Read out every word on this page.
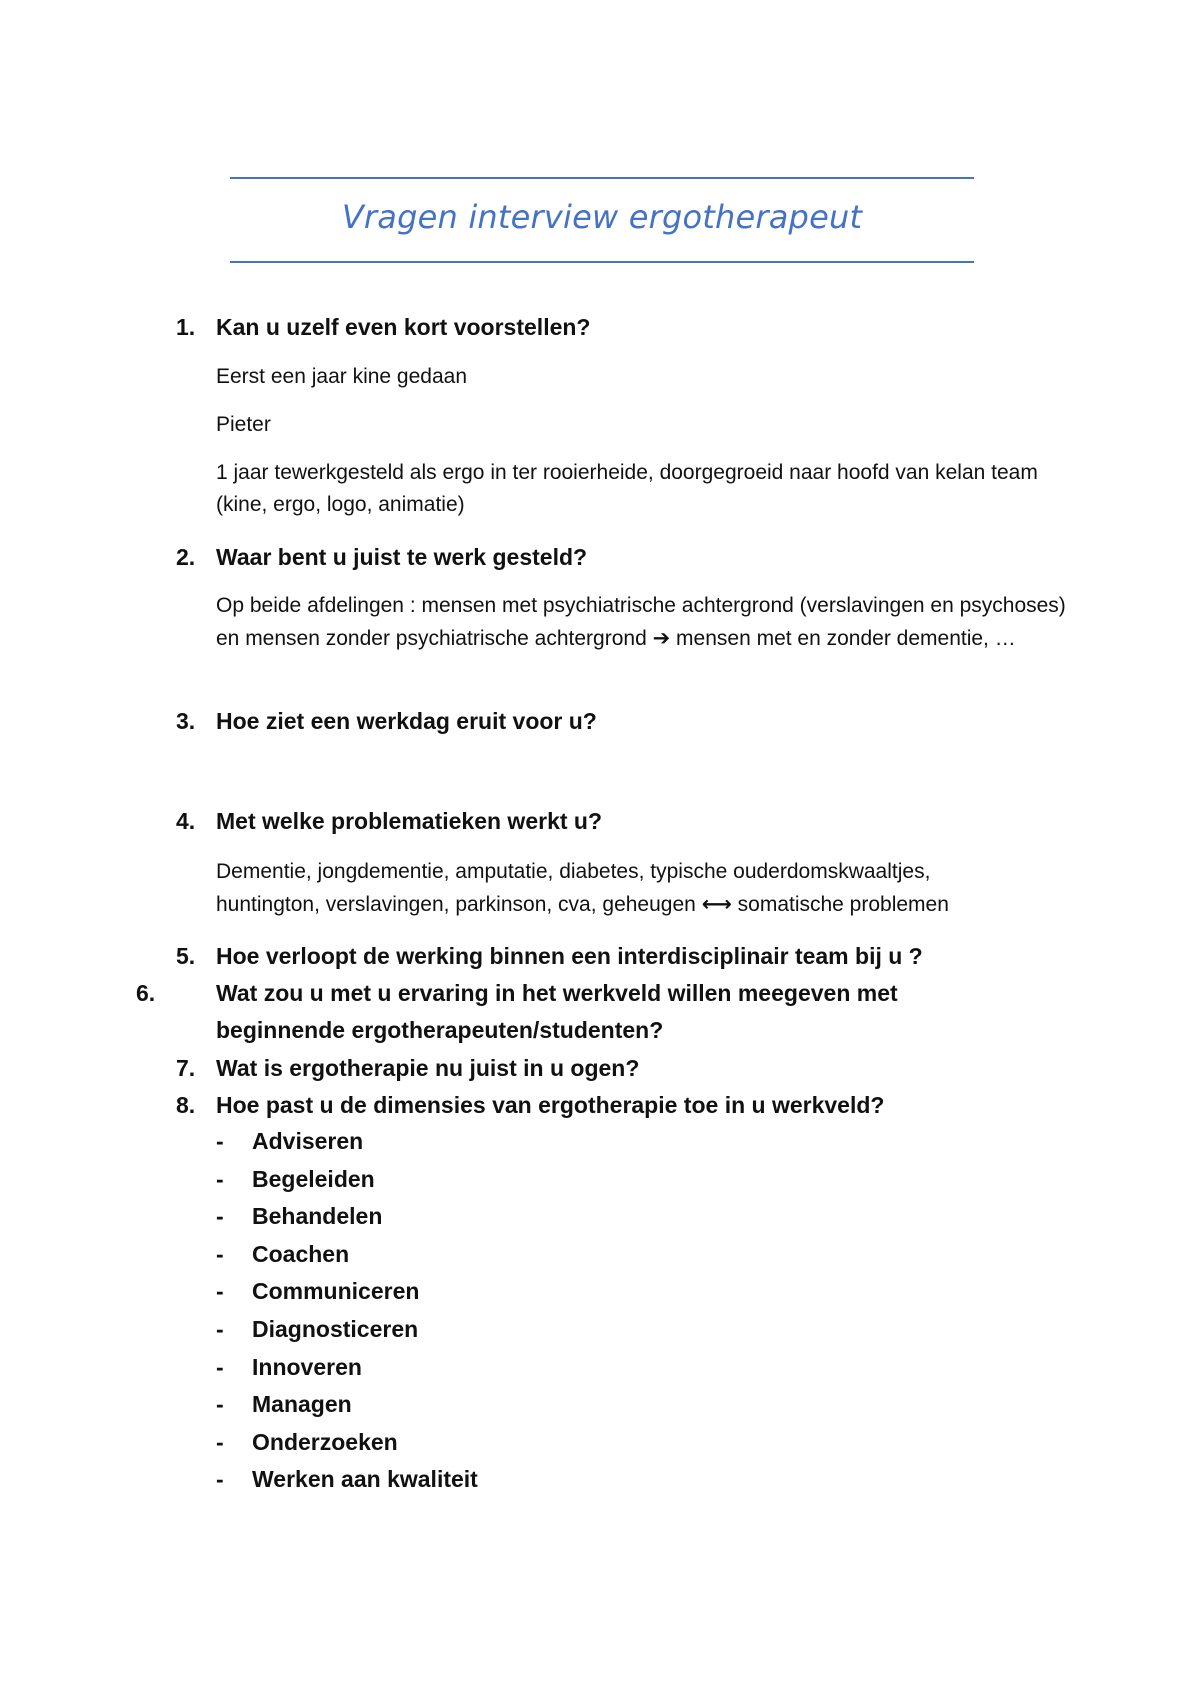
Vragen interview ergotherapeut
1. Kan u uzelf even kort voorstellen?
Eerst een jaar kine gedaan
Pieter
1 jaar tewerkgesteld als ergo in ter rooierheide, doorgegroeid naar hoofd van kelan team (kine, ergo, logo, animatie)
2. Waar bent u juist te werk gesteld?
Op beide afdelingen : mensen met psychiatrische achtergrond (verslavingen en psychoses) en mensen zonder psychiatrische achtergrond ➔ mensen met en zonder dementie, …
3. Hoe ziet een werkdag eruit voor u?
4. Met welke problematieken werkt u?
Dementie, jongdementie, amputatie, diabetes, typische ouderdomskwaaltjes, huntington, verslavingen, parkinson, cva, geheugen ⟷ somatische problemen
5. Hoe verloopt de werking binnen een interdisciplinair team bij u ?
6.	Wat zou u met u ervaring in het werkveld willen meegeven met beginnende ergotherapeuten/studenten?
7. Wat is ergotherapie nu juist in u ogen?
8. Hoe past u de dimensies van ergotherapie toe in u werkveld?
- Adviseren
- Begeleiden
- Behandelen
- Coachen
- Communiceren
- Diagnosticeren
- Innoveren
- Managen
- Onderzoeken
- Werken aan kwaliteit
